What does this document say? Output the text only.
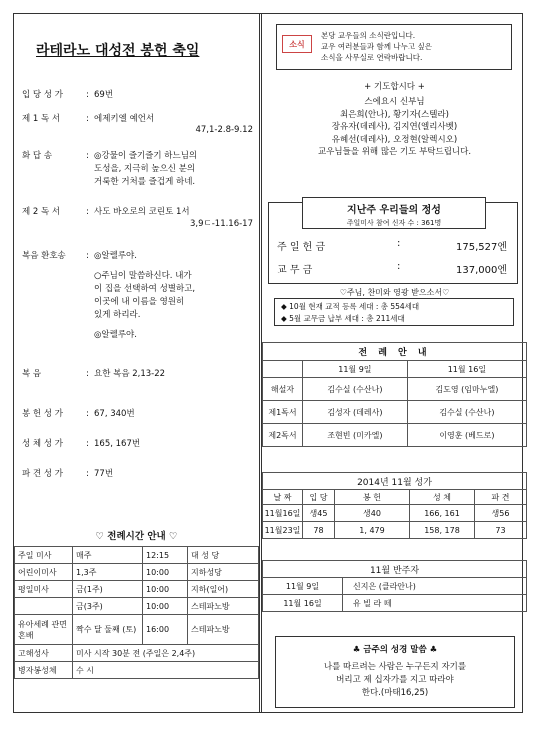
라테라노 대성전 봉헌 축일
입 당 성 가	: 69번
제 1 독 서	: 에제키엘 예언서
47,1-2.8-9.12
화 답 송	: ◎강물이 즐기즐기 하느님의
도성을, 지극히 높으신 분의
거룩한 거처를 즐겁게 하네.
제 2 독 서	: 사도 바오로의 코린토 1서
3,9ㄷ-11.16-17
복음 환호송	: ◎알렐루야.
○주님이 말씀하신다. 내가
이 집을 선택하여 성별하고,
이곳에 내 이름을 영원히
있게 하리라.
◎알렐루야.
복 음	: 요한 복음 2,13-22
봉 헌 성 가	: 67, 340번
성 체 성 가	: 165, 167번
파 견 성 가	: 77번
♡ 전례시간 안내 ♡
주일 미사	매주	12:15	대 성 당
어린이미사	1,3주	10:00	지하성당
평일미사	금(1주)	10:00	지하(일어)
	금(3주)	10:00	스테파노방
유아세례 관면혼배	짝수 달 둘째 (토)	16:00	스테파노방
고해성사	미사 시작 30분 전 (주일은 2,4주)		
병자봉성체	수 시		
소식
본당 교우들의 소식란입니다.
교우 여러분들과 함께 나누고 싶은
소식을 사무실로 연락바랍니다.
+ 기도합시다 +
스에요시 신부님
최은희(안나), 황기자(스텔라)
장유자(데레사), 김지연(엘리사벳)
유혜선(데레사), 오정현(알렉시오)
교우님들을 위해 많은 기도 부탁드립니다.
지난주 우리들의 정성
주일미사 참여 신자 수 : 361명
주 일 헌 금	:	175,527엔
교 무 금	:	137,000엔
♡주님, 찬미와 영광 받으소서♡
◆ 10월 현재 교적 등록 세대 : 총 554세대
◆ 5월 교무금 납부 세대 : 총 211세대
전 례 안 내		
	11월 9일	11월 16일
해설자	김수실 (수산나)	김도영 (임마누엘)
제1독서	김성자 (데레사)	김수실 (수산나)
제2독서	조현빈 (미카엘)	이영훈 (베드로)
2014년 11월 성가				
날 짜	입 당	봉 헌	성 체	파 견
11월16일	생45	생40	166, 161	생56
11월23일	78	1, 479	158, 178	73
11월 반주자	
11월 9일	신지은 (클라안나)
11월 16일	유 빌 라 떼
♣ 금주의 성경 말씀 ♣
나를 따르려는 사람은 누구든지 자기를
버리고 제 십자가를 지고 따라야
한다.(마태16,25)
